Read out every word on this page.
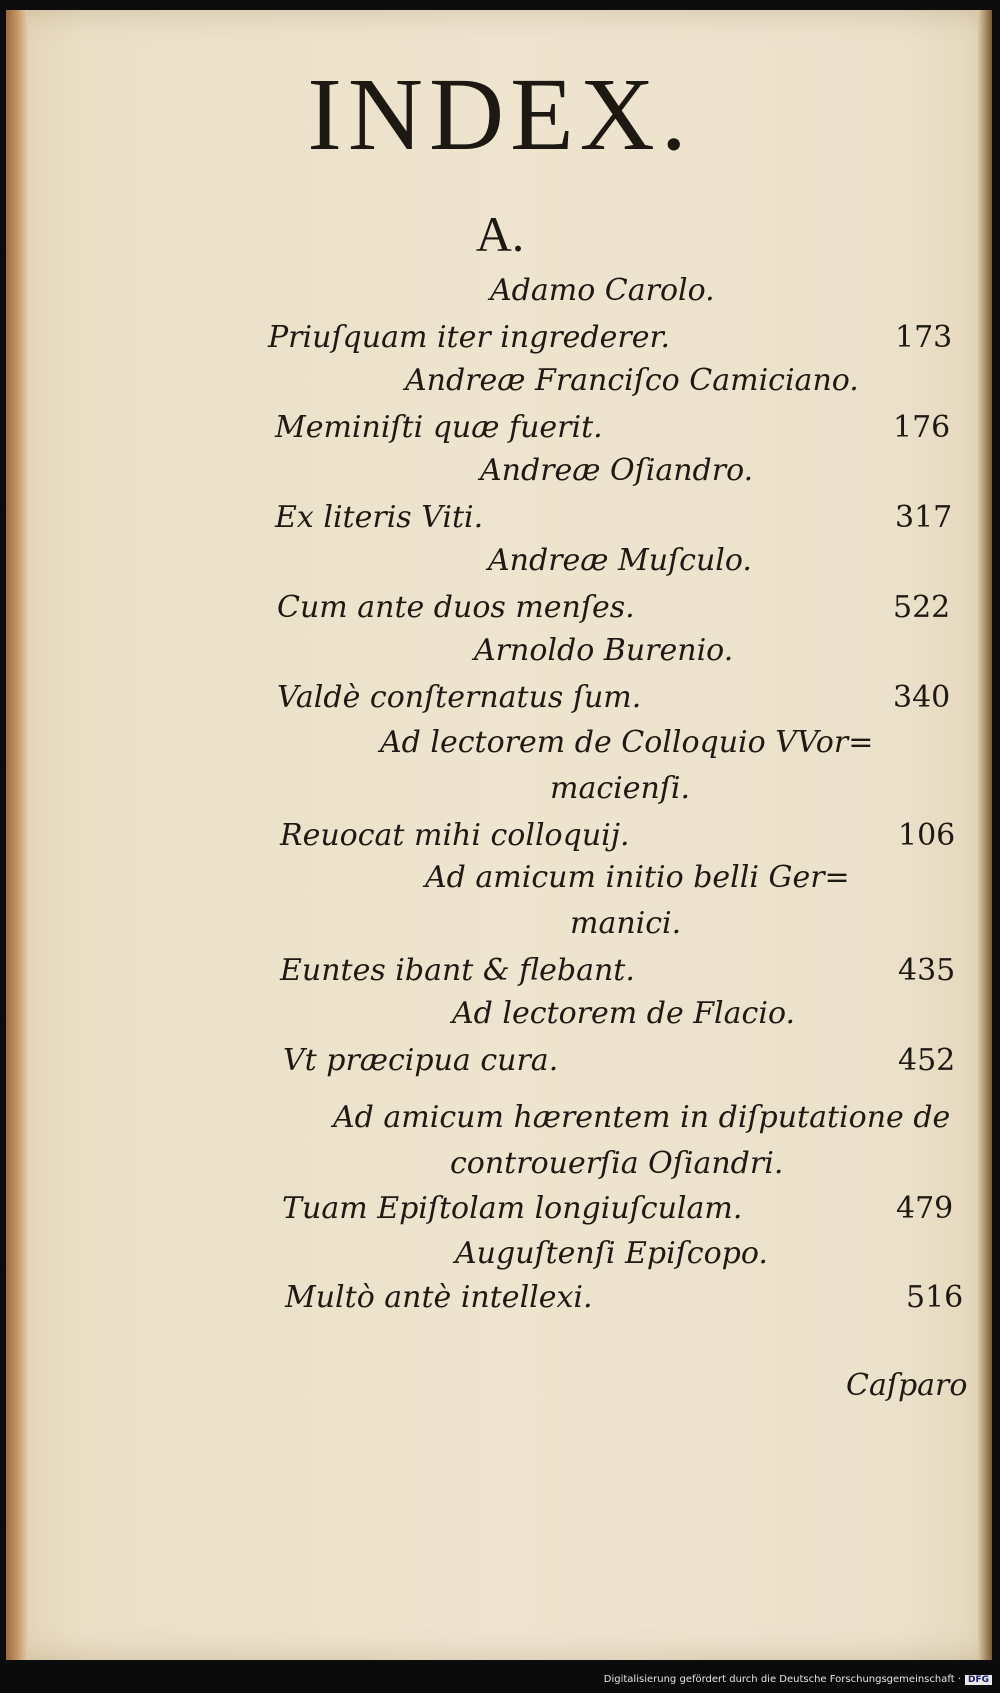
INDEX.
A.
Adamo Carolo.
Priuſquam iter ingrederer.	173
Andreæ Franciſco Camiciano.
Meminiſti quæ fuerit.	176
Andreæ Oſiandro.
Ex literis Viti.	317
Andreæ Muſculo.
Cum ante duos menſes.	522
Arnoldo Burenio.
Valdè conſternatus ſum.	340
Ad lectorem de Colloquio VVor=
macienſi.
Reuocat mihi colloquij.	106
Ad amicum initio belli Ger=
manici.
Euntes ibant & flebant.	435
Ad lectorem de Flacio.
Vt præcipua cura.	452
Ad amicum hærentem in diſputatione de
controuerſia Oſiandri.
Tuam Epiſtolam longiuſculam.	479
Auguſtenſi Epiſcopo.
Multò antè intellexi.	516
Caſparo
Digitalisierung gefördert durch die Deutsche Forschungsgemeinschaft · DFG
